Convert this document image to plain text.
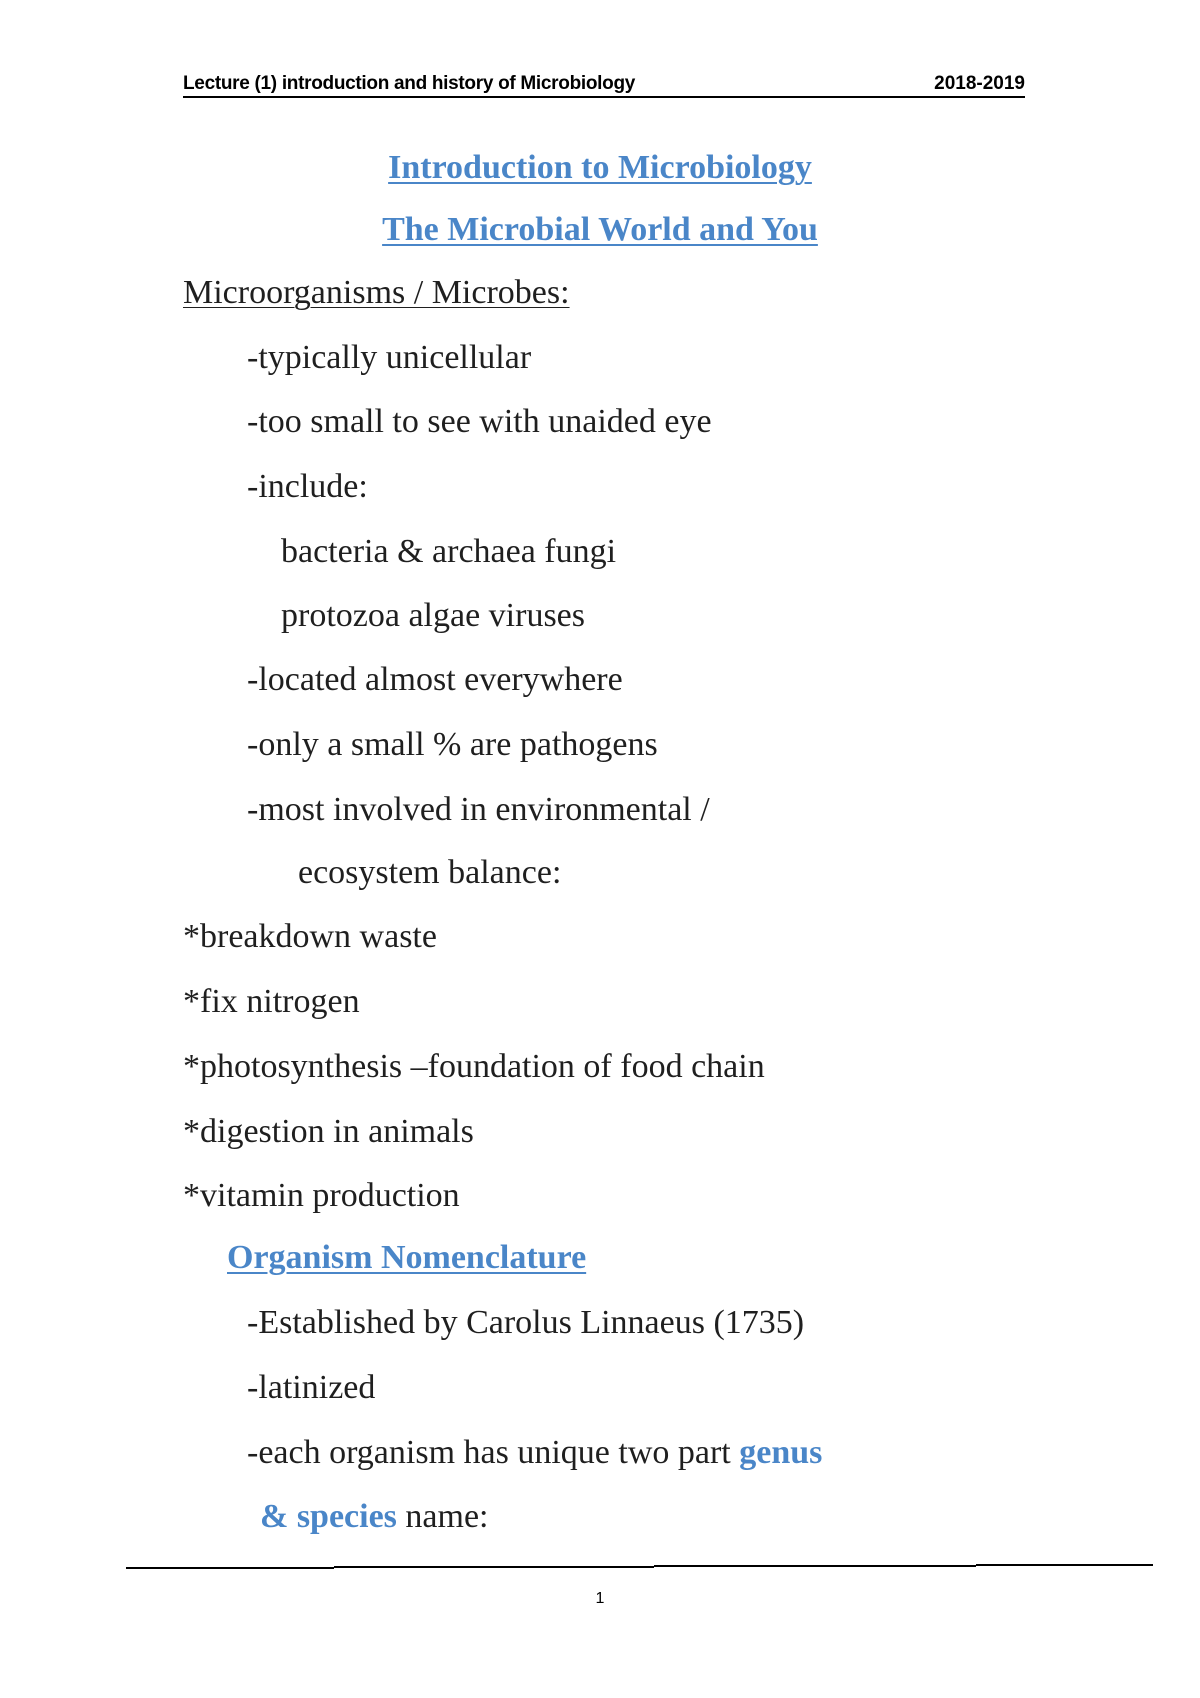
Lecture (1) introduction and history of Microbiology	2018-2019
Introduction to Microbiology
The Microbial World and You
Microorganisms / Microbes:
-typically unicellular
-too small to see with unaided eye
-include:
bacteria & archaea fungi
protozoa algae viruses
-located almost everywhere
-only a small % are pathogens
-most involved in environmental /
ecosystem balance:
*breakdown waste
*fix nitrogen
*photosynthesis –foundation of food chain
*digestion in animals
*vitamin production
Organism Nomenclature
-Established by Carolus Linnaeus (1735)
-latinized
-each organism has unique two part genus
& species name:
1
